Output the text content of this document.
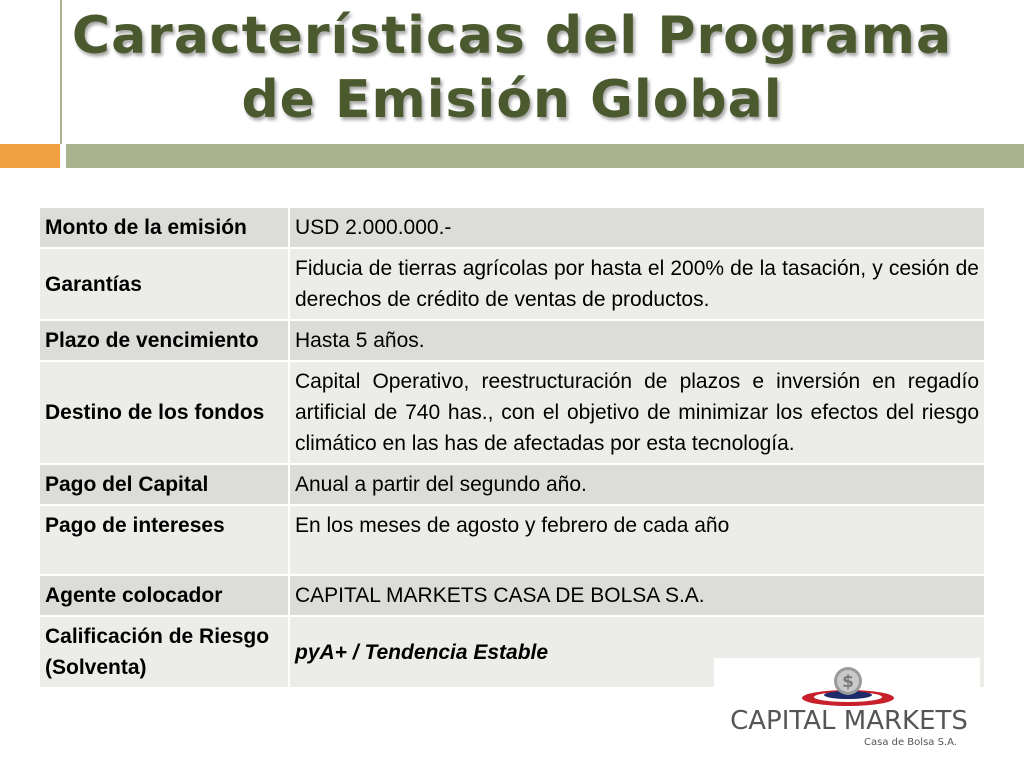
Características del Programa
de Emisión Global
Monto de la emisión	USD 2.000.000.-
Garantías	Fiducia de tierras agrícolas por hasta el 200% de la tasación, y cesión de derechos de crédito de ventas de productos.
Plazo de vencimiento	Hasta 5 años.
Destino de los fondos	Capital Operativo, reestructuración de plazos e inversión en regadío artificial de 740 has., con el objetivo de minimizar los efectos del riesgo climático en las has de afectadas por esta tecnología.
Pago del Capital	Anual a partir del segundo año.
Pago de intereses	En los meses de agosto y febrero de cada año
Agente colocador	CAPITAL MARKETS CASA DE BOLSA S.A.
Calificación de Riesgo (Solventa)	pyA+ / Tendencia Estable
$
CAPITAL MARKETS
Casa de Bolsa S.A.
